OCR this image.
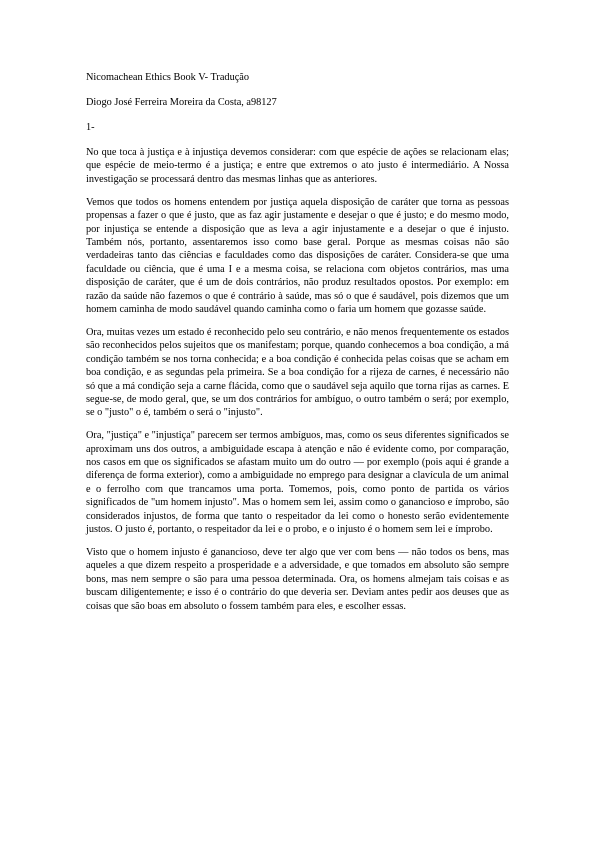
Nicomachean Ethics Book V- Tradução
Diogo José Ferreira Moreira da Costa, a98127
1-

No que toca à justiça e à injustiça devemos considerar: com que espécie de ações se relacionam elas; que espécie de meio-termo é a justiça; e entre que extremos o ato justo é intermediário. A Nossa investigação se processará dentro das mesmas linhas que as anteriores.

Vemos que todos os homens entendem por justiça aquela disposição de caráter que torna as pessoas propensas a fazer o que é justo, que as faz agir justamente e desejar o que é justo; e do mesmo modo, por injustiça se entende a disposição que as leva a agir injustamente e a desejar o que é injusto. Também nós, portanto, assentaremos isso como base geral. Porque as mesmas coisas não são verdadeiras tanto das ciências e faculdades como das disposições de caráter. Considera-se que uma faculdade ou ciência, que é uma I e a mesma coisa, se relaciona com objetos contrários, mas uma disposição de caráter, que é um de dois contrários, não produz resultados opostos. Por exemplo: em razão da saúde não fazemos o que é contrário à saúde, mas só o que é saudável, pois dizemos que um homem caminha de modo saudável quando caminha como o faria um homem que gozasse saúde.

Ora, muitas vezes um estado é reconhecido pelo seu contrário, e não menos frequentemente os estados são reconhecidos pelos sujeitos que os manifestam; porque, quando conhecemos a boa condição, a má condição também se nos torna conhecida; e a boa condição é conhecida pelas coisas que se acham em boa condição, e as segundas pela primeira. Se a boa condição for a rijeza de carnes, é necessário não só que a má condição seja a carne flácida, como que o saudável seja aquilo que torna rijas as carnes. E segue-se, de modo geral, que, se um dos contrários for ambíguo, o outro também o será; por exemplo, se o "justo" o é, também o será o "injusto".

Ora, "justiça" e "injustiça" parecem ser termos ambíguos, mas, como os seus diferentes significados se aproximam uns dos outros, a ambiguidade escapa à atenção e não é evidente como, por comparação, nos casos em que os significados se afastam muito um do outro — por exemplo (pois aqui é grande a diferença de forma exterior), como a ambiguidade no emprego para designar a clavícula de um animal e o ferrolho com que trancamos uma porta. Tomemos, pois, como ponto de partida os vários significados de "um homem injusto". Mas o homem sem lei, assim como o ganancioso e ímprobo, são considerados injustos, de forma que tanto o respeitador da lei como o honesto serão evidentemente justos. O justo é, portanto, o respeitador da lei e o probo, e o injusto é o homem sem lei e ímprobo.

Visto que o homem injusto é ganancioso, deve ter algo que ver com bens — não todos os bens, mas aqueles a que dizem respeito a prosperidade e a adversidade, e que tomados em absoluto são sempre bons, mas nem sempre o são para uma pessoa determinada. Ora, os homens almejam tais coisas e as buscam diligentemente; e isso é o contrário do que deveria ser. Deviam antes pedir aos deuses que as coisas que são boas em absoluto o fossem também para eles, e escolher essas.
